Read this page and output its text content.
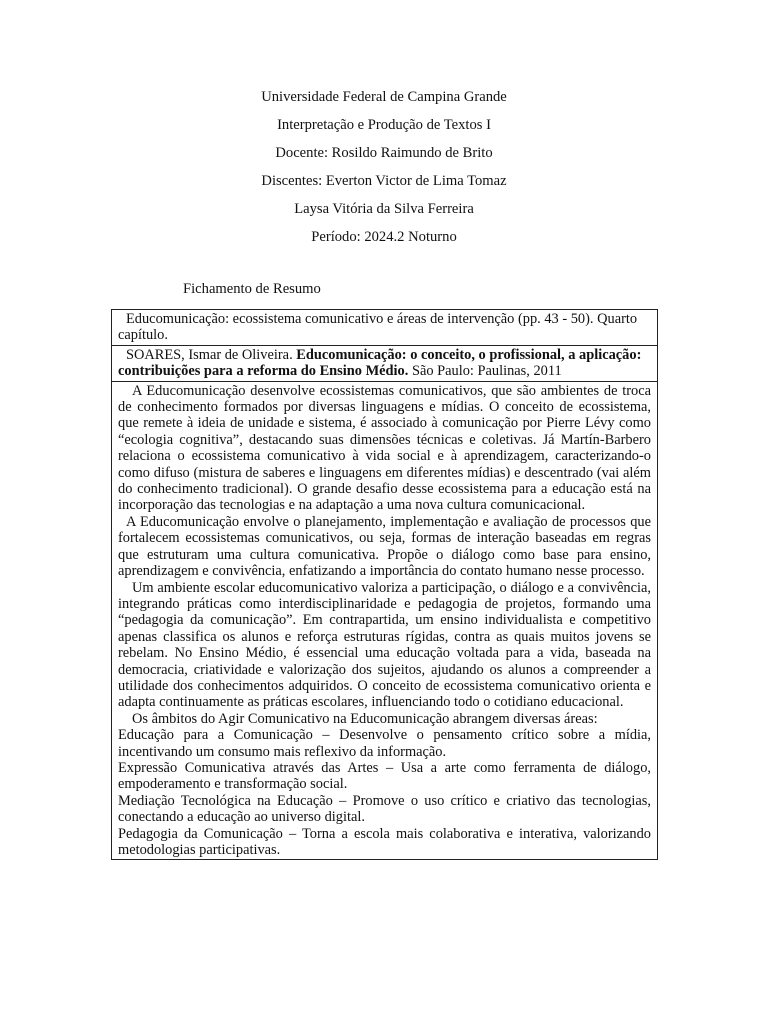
Universidade Federal de Campina Grande
Interpretação e Produção de Textos I
Docente: Rosildo Raimundo de Brito
Discentes: Everton Victor de Lima Tomaz
Laysa Vitória da Silva Ferreira
Período: 2024.2 Noturno
Fichamento de Resumo
Educomunicação: ecossistema comunicativo e áreas de intervenção (pp. 43 - 50). Quarto capítulo.
SOARES, Ismar de Oliveira. Educomunicação: o conceito, o profissional, a aplicação: contribuições para a reforma do Ensino Médio. São Paulo: Paulinas, 2011

A Educomunicação desenvolve ecossistemas comunicativos, que são ambientes de troca de conhecimento formados por diversas linguagens e mídias. O conceito de ecossistema, que remete à ideia de unidade e sistema, é associado à comunicação por Pierre Lévy como “ecologia cognitiva”, destacando suas dimensões técnicas e coletivas. Já Martín-Barbero relaciona o ecossistema comunicativo à vida social e à aprendizagem, caracterizando-o como difuso (mistura de saberes e linguagens em diferentes mídias) e descentrado (vai além do conhecimento tradicional). O grande desafio desse ecossistema para a educação está na incorporação das tecnologias e na adaptação a uma nova cultura comunicacional.

A Educomunicação envolve o planejamento, implementação e avaliação de processos que fortalecem ecossistemas comunicativos, ou seja, formas de interação baseadas em regras que estruturam uma cultura comunicativa. Propõe o diálogo como base para ensino, aprendizagem e convivência, enfatizando a importância do contato humano nesse processo.

Um ambiente escolar educomunicativo valoriza a participação, o diálogo e a convivência, integrando práticas como interdisciplinaridade e pedagogia de projetos, formando uma “pedagogia da comunicação”. Em contrapartida, um ensino individualista e competitivo apenas classifica os alunos e reforça estruturas rígidas, contra as quais muitos jovens se rebelam. No Ensino Médio, é essencial uma educação voltada para a vida, baseada na democracia, criatividade e valorização dos sujeitos, ajudando os alunos a compreender a utilidade dos conhecimentos adquiridos. O conceito de ecossistema comunicativo orienta e adapta continuamente as práticas escolares, influenciando todo o cotidiano educacional.

Os âmbitos do Agir Comunicativo na Educomunicação abrangem diversas áreas:

Educação para a Comunicação – Desenvolve o pensamento crítico sobre a mídia, incentivando um consumo mais reflexivo da informação.

Expressão Comunicativa através das Artes – Usa a arte como ferramenta de diálogo, empoderamento e transformação social.

Mediação Tecnológica na Educação – Promove o uso crítico e criativo das tecnologias, conectando a educação ao universo digital.

Pedagogia da Comunicação – Torna a escola mais colaborativa e interativa, valorizando metodologias participativas.
